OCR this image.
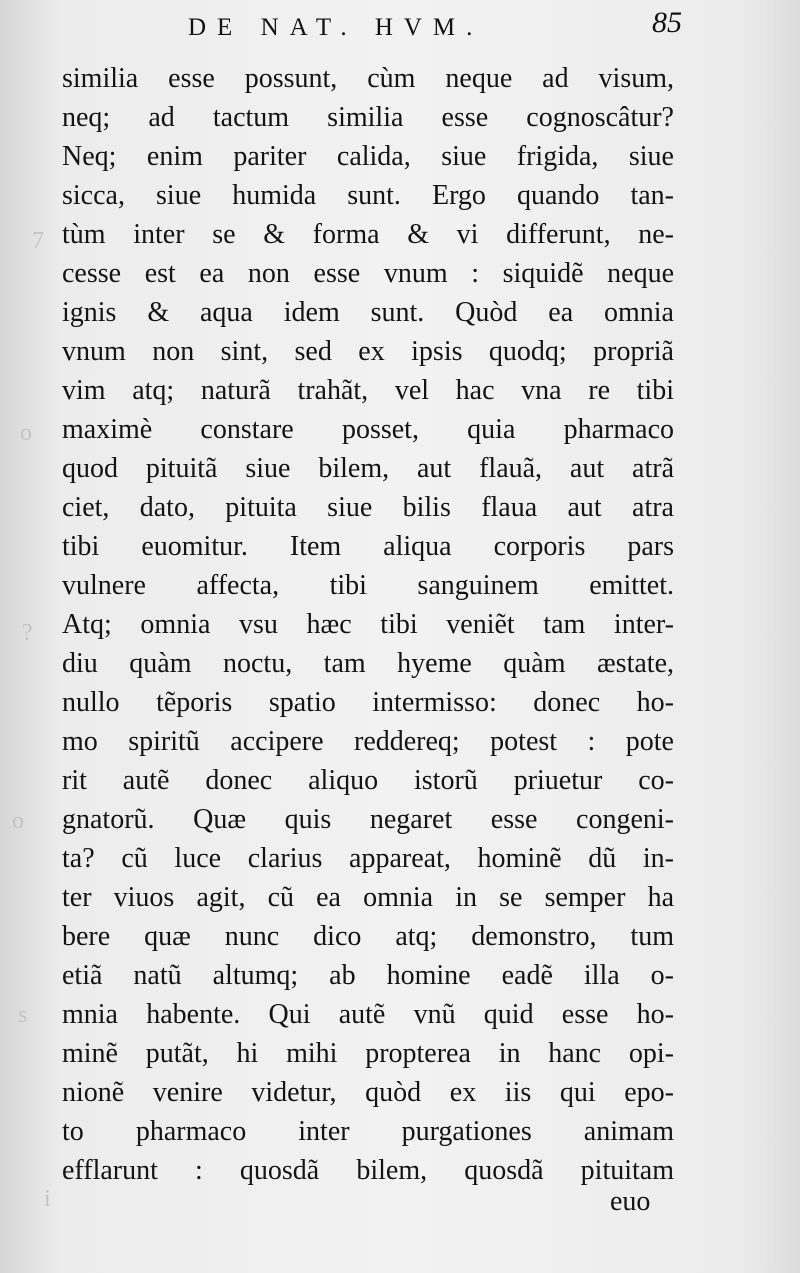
7
o
?
o
s
i
DE NAT. HVM.	85
similia esse possunt, cùm neque ad visum,
neq; ad tactum similia esse cognoscâtur?
Neq; enim pariter calida, siue frigida, siue
sicca, siue humida sunt. Ergo quando tan-
tùm inter se & forma & vi differunt, ne-
cesse est ea non esse vnum : siquidẽ neque
ignis & aqua idem sunt. Quòd ea omnia
vnum non sint, sed ex ipsis quodq; propriã
vim atq; naturã trahãt, vel hac vna re tibi
maximè constare posset, quia pharmaco
quod pituitã siue bilem, aut flauã, aut atrã
ciet, dato, pituita siue bilis flaua aut atra
tibi euomitur. Item aliqua corporis pars
vulnere affecta, tibi sanguinem emittet.
Atq; omnia vsu hæc tibi veniẽt tam inter-
diu quàm noctu, tam hyeme quàm æstate,
nullo tẽporis spatio intermisso: donec ho-
mo spiritũ accipere reddereq; potest : pote
rit autẽ donec aliquo istorũ priuetur co-
gnatorũ. Quæ quis negaret esse congeni-
ta? cũ luce clarius appareat, hominẽ dũ in-
ter viuos agit, cũ ea omnia in se semper ha
bere quæ nunc dico atq; demonstro, tum
etiã natũ altumq; ab homine eadẽ illa o-
mnia habente. Qui autẽ vnũ quid esse ho-
minẽ putãt, hi mihi propterea in hanc opi-
nionẽ venire videtur, quòd ex iis qui epo-
to pharmaco inter purgationes animam
efflarunt : quosdã bilem, quosdã pituitam
euo
